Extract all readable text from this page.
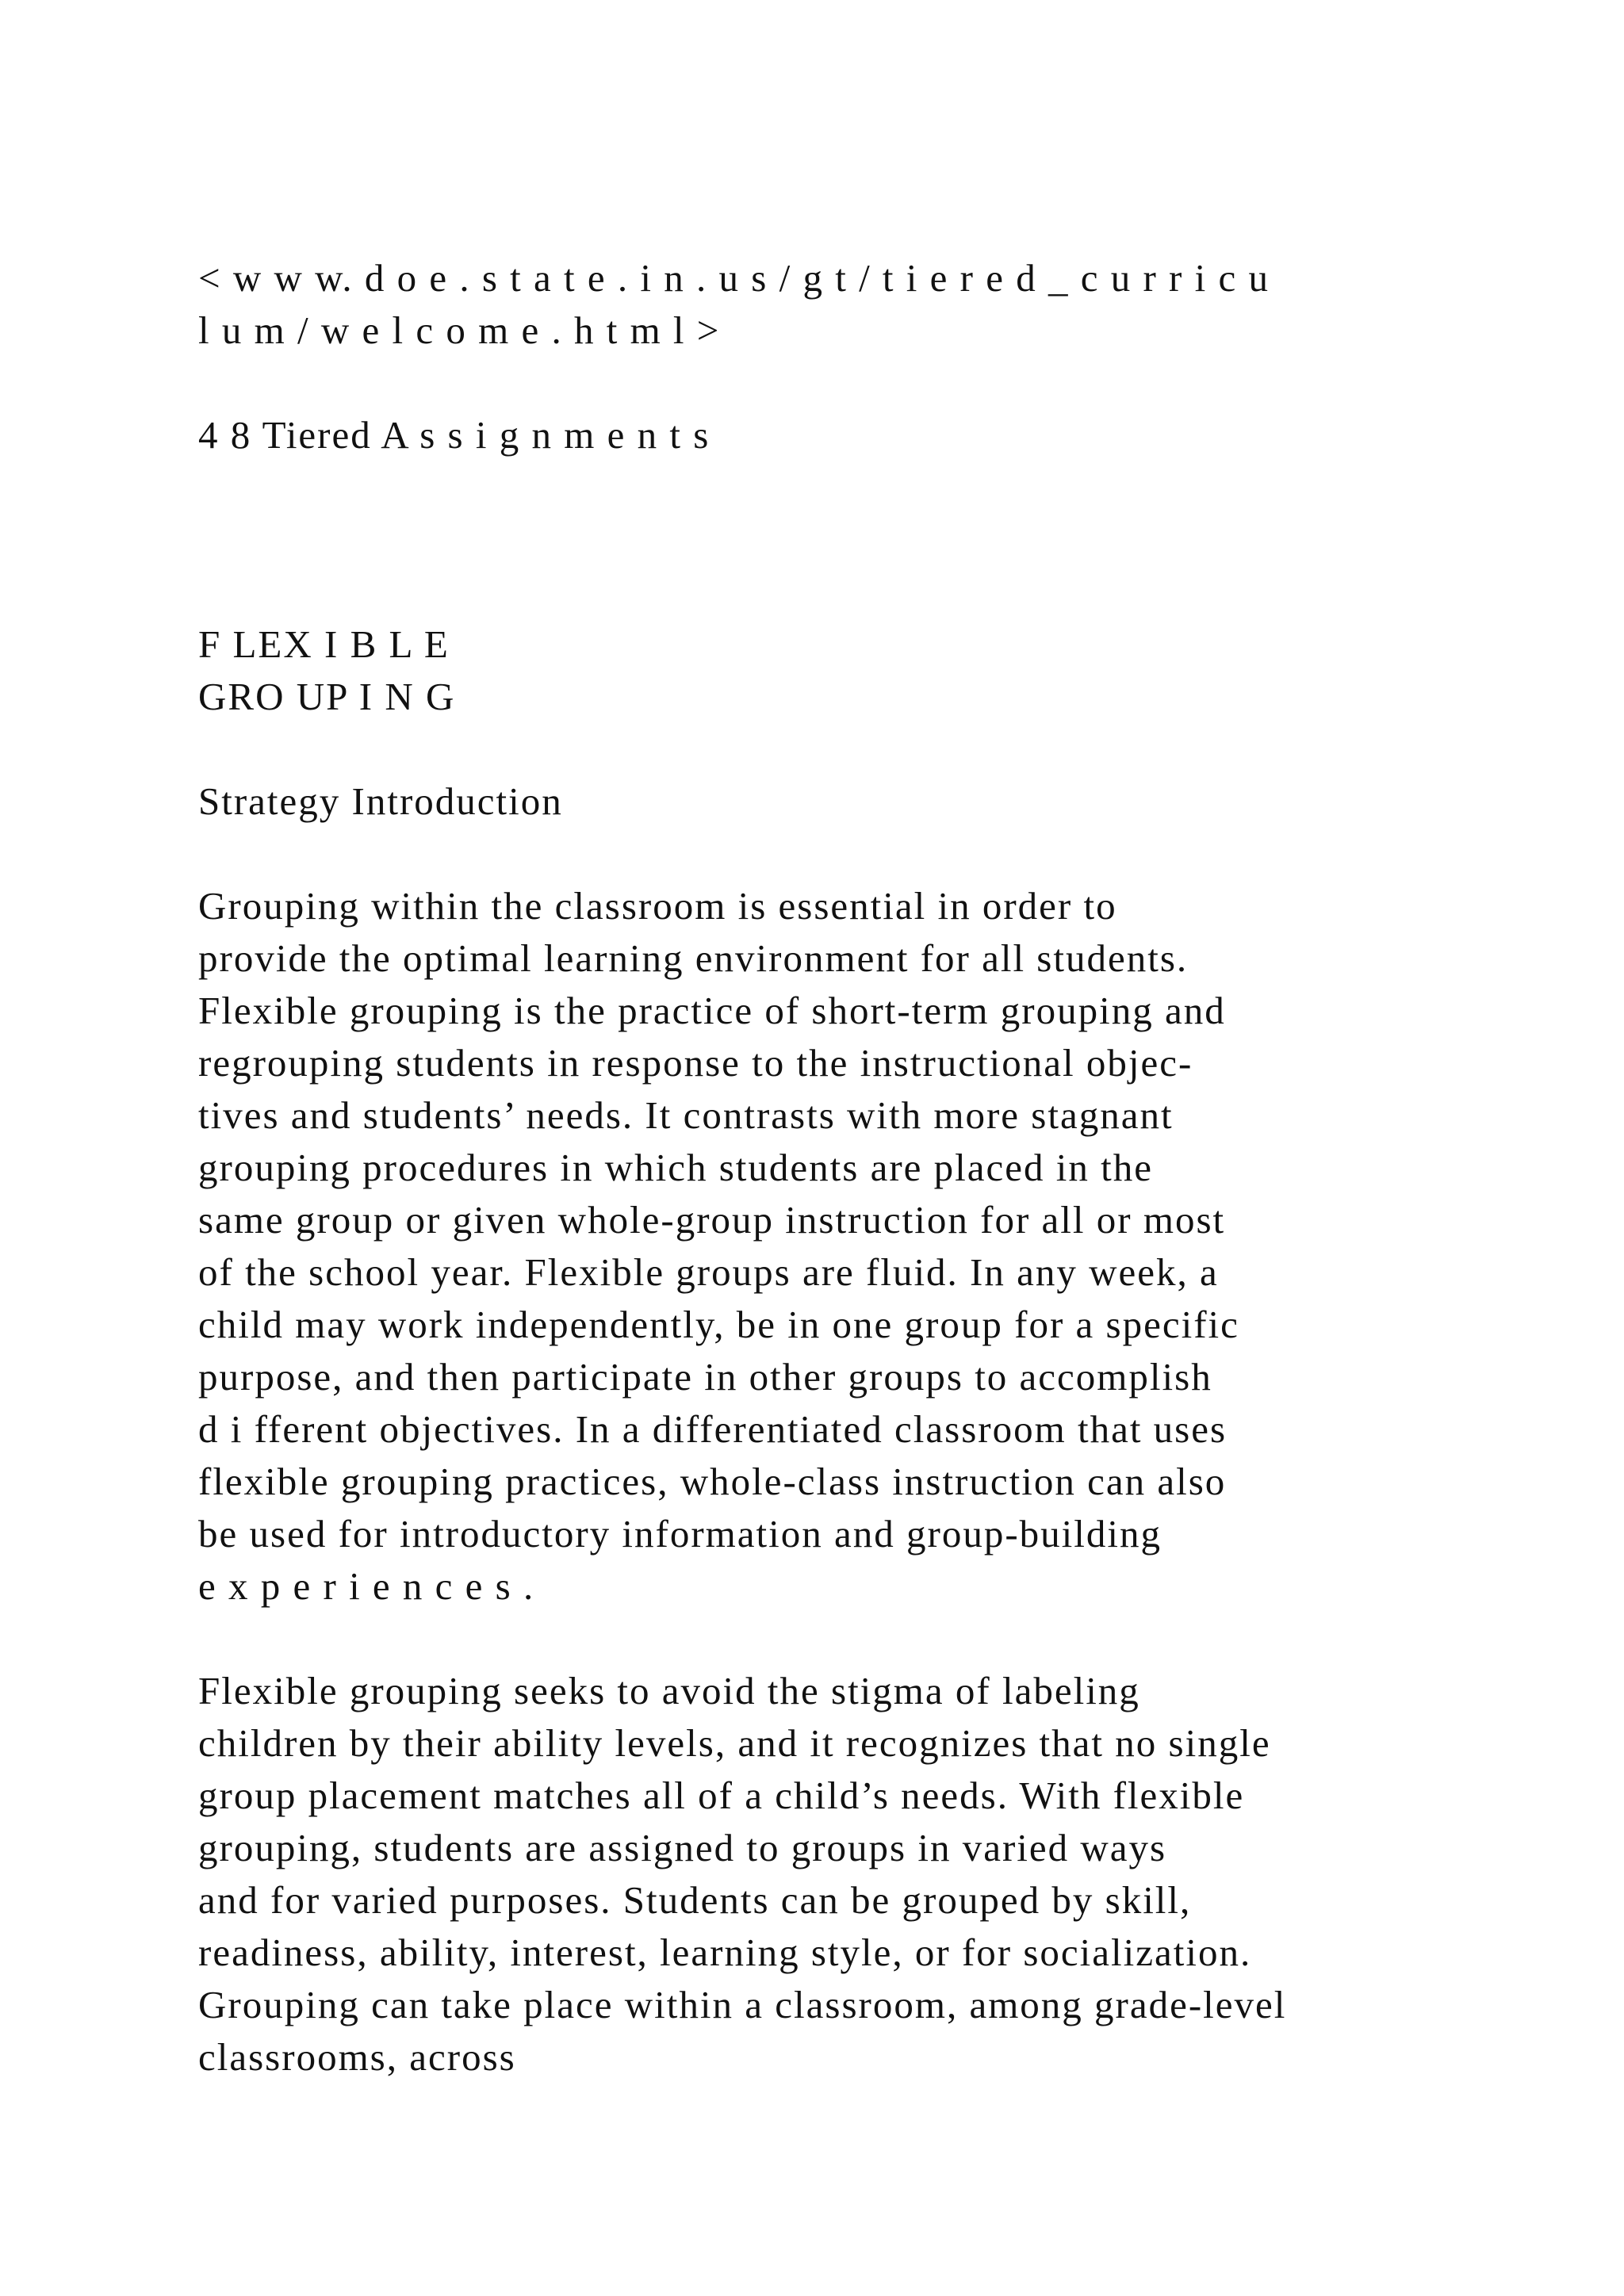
< w w w. d o e . s t a t e . i n . u s / g t / t i e r e d _ c u r r i c u
l u m / w e l c o m e . h t m l >
4 8 Tiered A s s i g n m e n t s
F LEX I B L E
GRO UP I N G
Strategy Introduction
Grouping within the classroom is essential in order to
provide the optimal learning environment for all students.
Flexible grouping is the practice of short-term grouping and
regrouping students in response to the instructional objec-
tives and students’ needs. It contrasts with more stagnant
grouping procedures in which students are placed in the
same group or given whole-group instruction for all or most
of the school year. Flexible groups are fluid. In any week, a
child may work independently, be in one group for a specific
purpose, and then participate in other groups to accomplish
d i fferent objectives. In a differentiated classroom that uses
flexible grouping practices, whole-class instruction can also
be used for introductory information and group-building
e x p e r i e n c e s .
Flexible grouping seeks to avoid the stigma of labeling
children by their ability levels, and it recognizes that no single
group placement matches all of a child’s needs. With flexible
grouping, students are assigned to groups in varied ways
and for varied purposes. Students can be grouped by skill,
readiness, ability, interest, learning style, or for socialization.
Grouping can take place within a classroom, among grade-level
classrooms, across
